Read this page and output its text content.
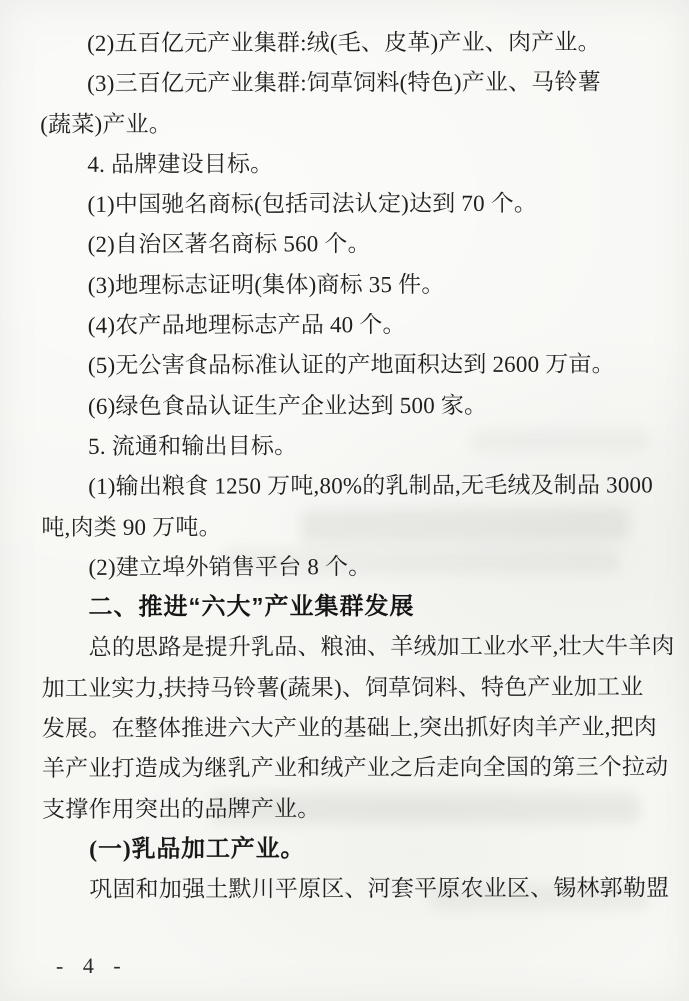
(2)五百亿元产业集群:绒(毛、皮革)产业、肉产业。
(3)三百亿元产业集群:饲草饲料(特色)产业、马铃薯
(蔬菜)产业。
4. 品牌建设目标。
(1)中国驰名商标(包括司法认定)达到 70 个。
(2)自治区著名商标 560 个。
(3)地理标志证明(集体)商标 35 件。
(4)农产品地理标志产品 40 个。
(5)无公害食品标准认证的产地面积达到 2600 万亩。
(6)绿色食品认证生产企业达到 500 家。
5. 流通和输出目标。
(1)输出粮食 1250 万吨,80%的乳制品,无毛绒及制品 3000
吨,肉类 90 万吨。
(2)建立埠外销售平台 8 个。
二、推进“六大”产业集群发展
总的思路是提升乳品、粮油、羊绒加工业水平,壮大牛羊肉
加工业实力,扶持马铃薯(蔬果)、饲草饲料、特色产业加工业
发展。在整体推进六大产业的基础上,突出抓好肉羊产业,把肉
羊产业打造成为继乳产业和绒产业之后走向全国的第三个拉动
支撑作用突出的品牌产业。
(一)乳品加工产业。
巩固和加强土默川平原区、河套平原农业区、锡林郭勒盟
- 4 -
